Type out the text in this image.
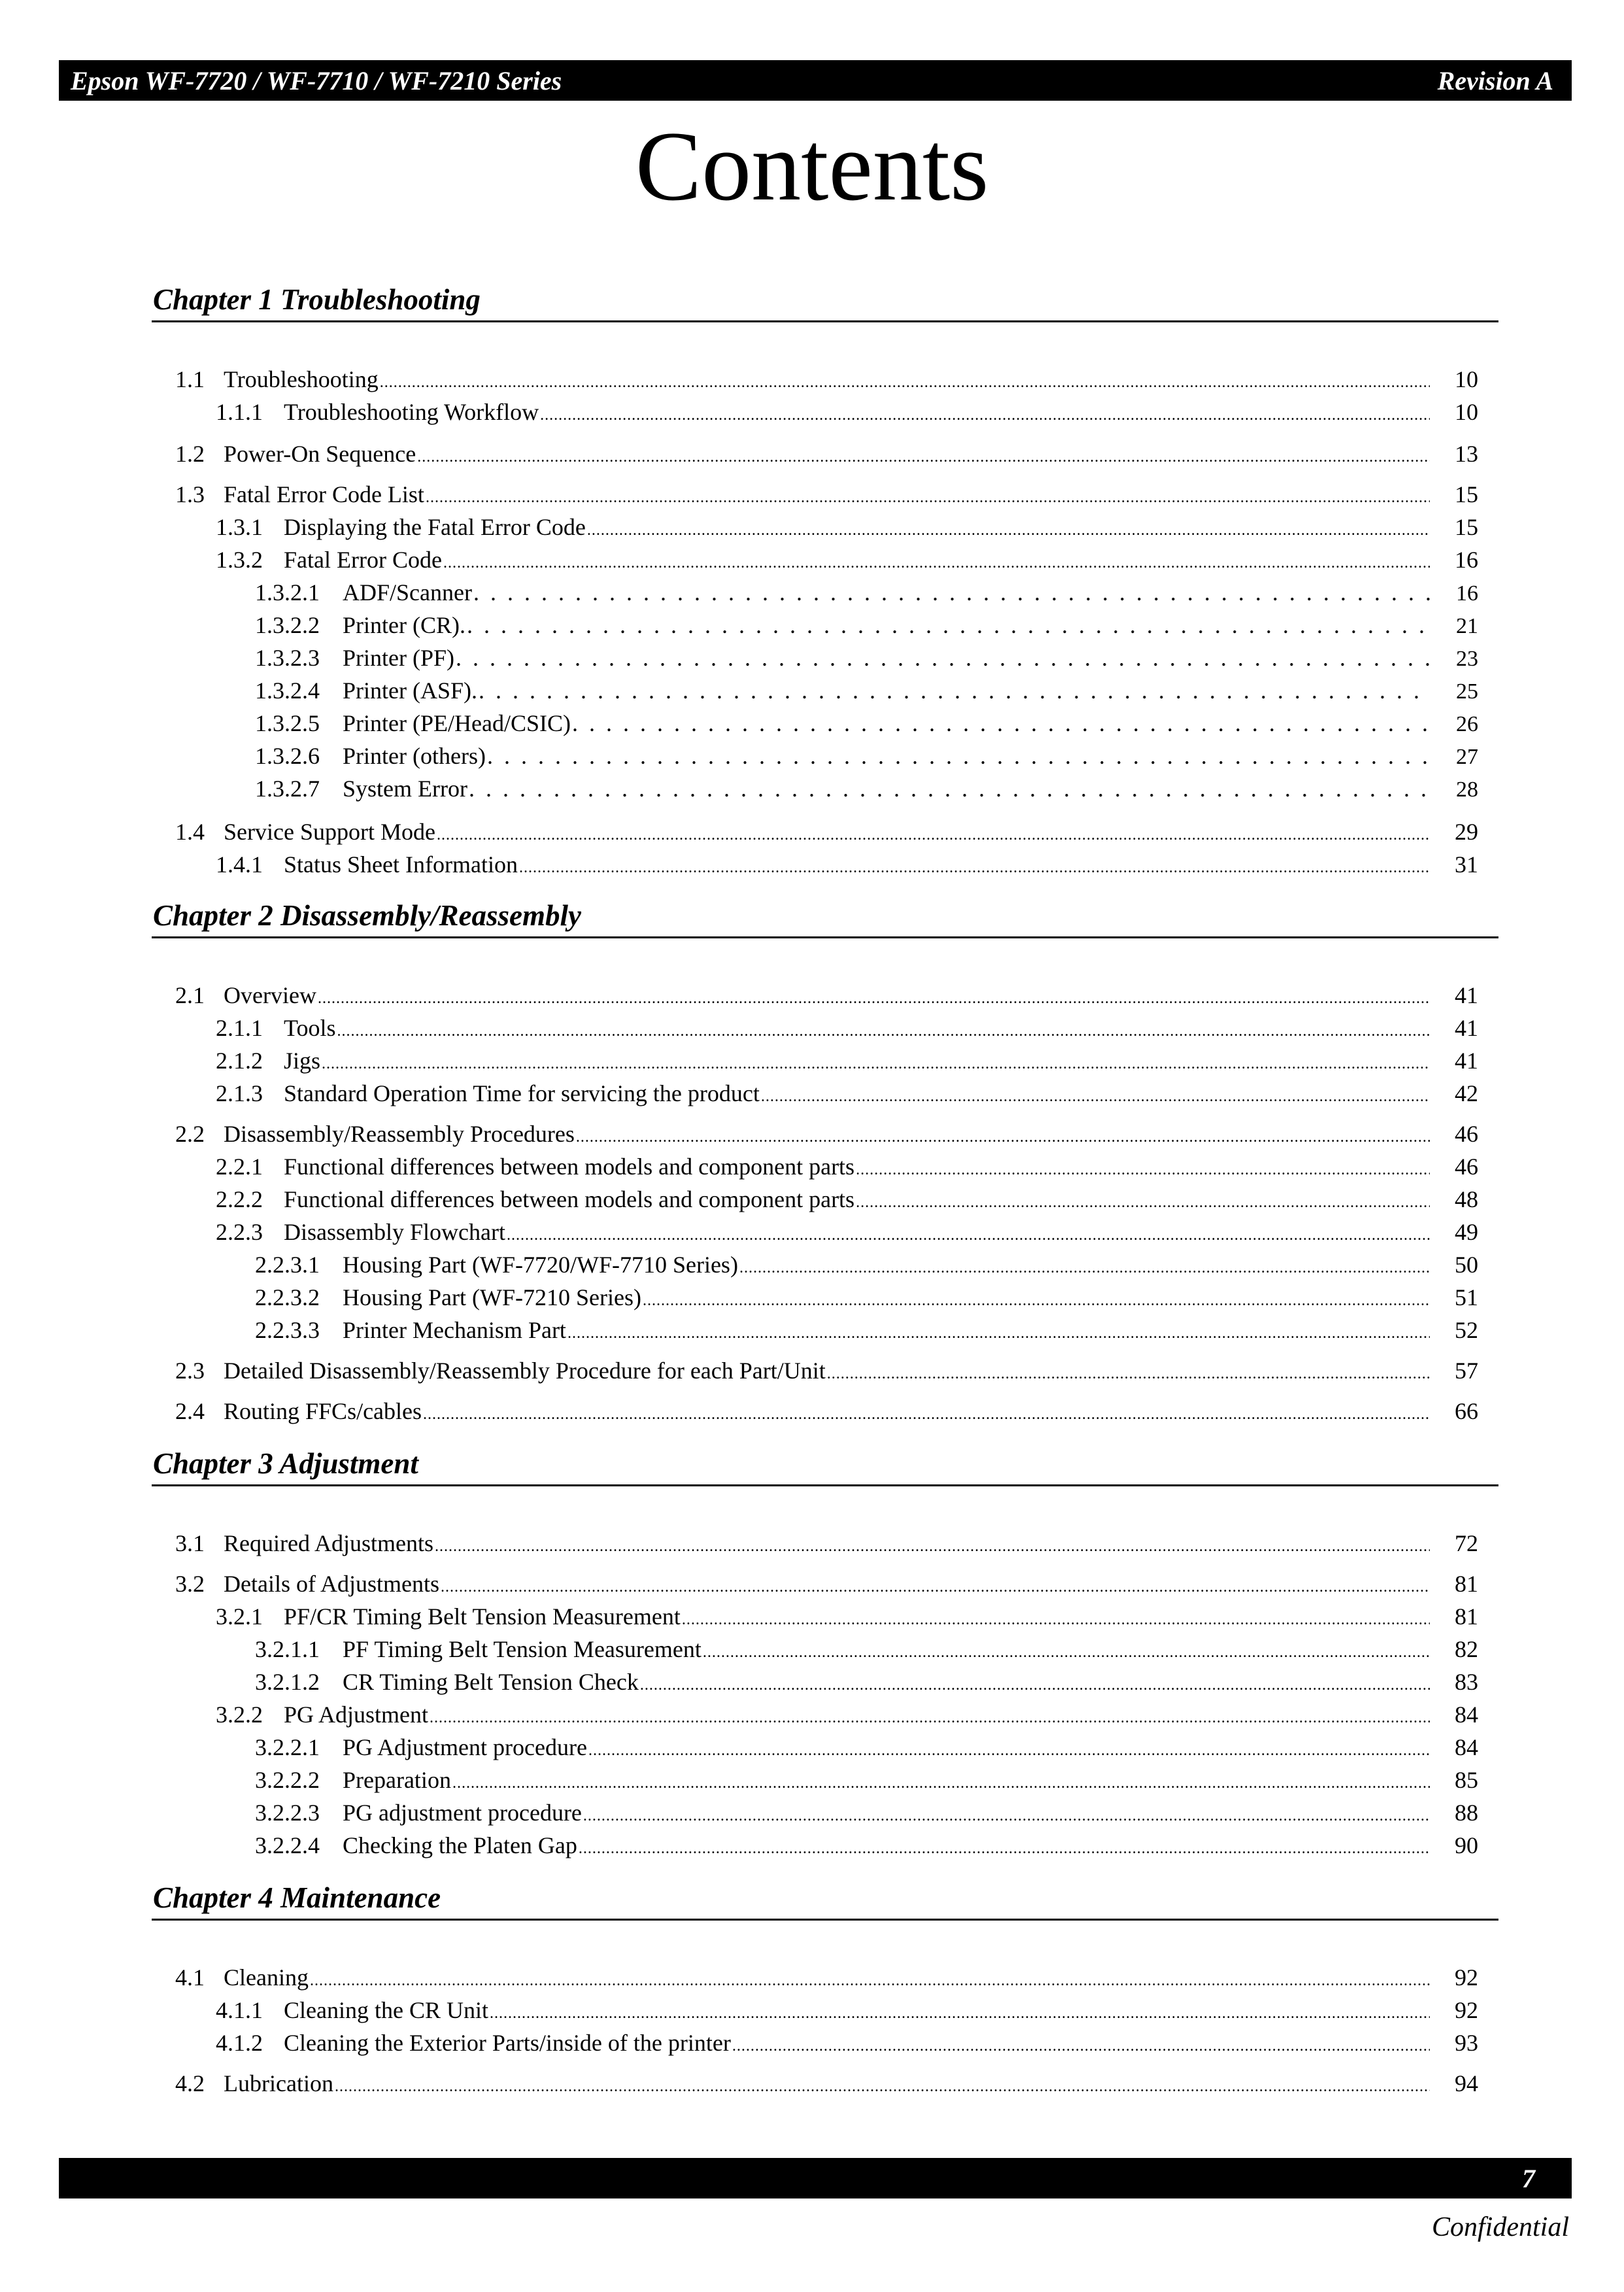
Epson WF-7720 / WF-7710 / WF-7210 Series	Revision A
Contents
Chapter 1 Troubleshooting
1.1 Troubleshooting .....	10
1.1.1 Troubleshooting Workflow .....	10
1.2 Power-On Sequence .....	13
1.3 Fatal Error Code List .....	15
1.3.1 Displaying the Fatal Error Code .....	15
1.3.2 Fatal Error Code .....	16
1.3.2.1 ADF/Scanner . . .	16
1.3.2.2 Printer (CR). . . .	21
1.3.2.3 Printer (PF) . . .	23
1.3.2.4 Printer (ASF). . . .	25
1.3.2.5 Printer (PE/Head/CSIC) . . .	26
1.3.2.6 Printer (others) . . .	27
1.3.2.7 System Error . . .	28
1.4 Service Support Mode .....	29
1.4.1 Status Sheet Information .....	31
Chapter 2 Disassembly/Reassembly
2.1 Overview .....	41
2.1.1 Tools .....	41
2.1.2 Jigs .....	41
2.1.3 Standard Operation Time for servicing the product .....	42
2.2 Disassembly/Reassembly Procedures .....	46
2.2.1 Functional differences between models and component parts .....	46
2.2.2 Functional differences between models and component parts .....	48
2.2.3 Disassembly Flowchart .....	49
2.2.3.1 Housing Part (WF-7720/WF-7710 Series) .....	50
2.2.3.2 Housing Part (WF-7210 Series) .....	51
2.2.3.3 Printer Mechanism Part .....	52
2.3 Detailed Disassembly/Reassembly Procedure for each Part/Unit .....	57
2.4 Routing FFCs/cables .....	66
Chapter 3 Adjustment
3.1 Required Adjustments .....	72
3.2 Details of Adjustments .....	81
3.2.1 PF/CR Timing Belt Tension Measurement .....	81
3.2.1.1 PF Timing Belt Tension Measurement .....	82
3.2.1.2 CR Timing Belt Tension Check .....	83
3.2.2 PG Adjustment .....	84
3.2.2.1 PG Adjustment procedure .....	84
3.2.2.2 Preparation .....	85
3.2.2.3 PG adjustment procedure .....	88
3.2.2.4 Checking the Platen Gap .....	90
Chapter 4 Maintenance
4.1 Cleaning .....	92
4.1.1 Cleaning the CR Unit .....	92
4.1.2 Cleaning the Exterior Parts/inside of the printer .....	93
4.2 Lubrication .....	94
7
Confidential
